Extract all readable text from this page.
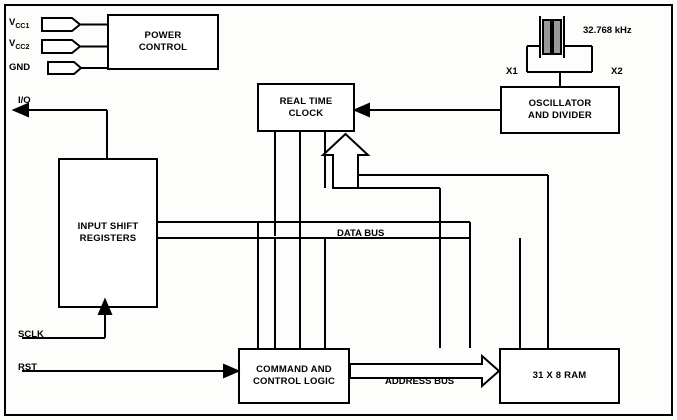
POWER
CONTROL
REAL TIME
CLOCK
OSCILLATOR
AND DIVIDER
INPUT SHIFT
REGISTERS
COMMAND AND
CONTROL LOGIC
31 X 8 RAM
$V_{CC1}$
$V_{CC2}$
GND
I/O
SCLK
RST
32.768 kHz
X1	X2
DATA BUS
ADDRESS BUS
